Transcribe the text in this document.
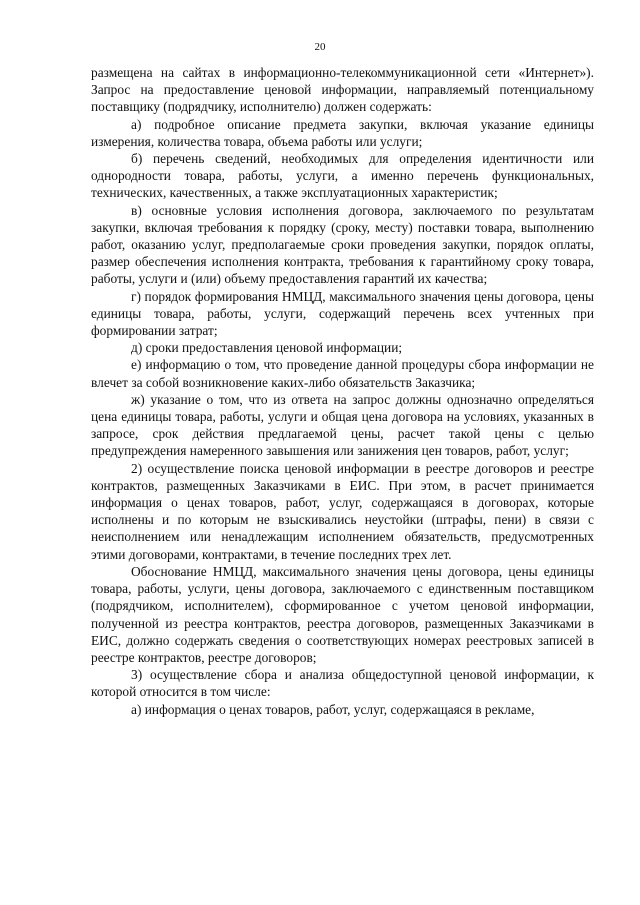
20

размещена на сайтах в информационно-телекоммуникационной сети «Интернет»). Запрос на предоставление ценовой информации, направляемый потенциальному поставщику (подрядчику, исполнителю) должен содержать:

а) подробное описание предмета закупки, включая указание единицы измерения, количества товара, объема работы или услуги;

б) перечень сведений, необходимых для определения идентичности или однородности товара, работы, услуги, а именно перечень функциональных, технических, качественных, а также эксплуатационных характеристик;

в) основные условия исполнения договора, заключаемого по результатам закупки, включая требования к порядку (сроку, месту) поставки товара, выполнению работ, оказанию услуг, предполагаемые сроки проведения закупки, порядок оплаты, размер обеспечения исполнения контракта, требования к гарантийному сроку товара, работы, услуги и (или) объему предоставления гарантий их качества;

г) порядок формирования НМЦД, максимального значения цены договора, цены единицы товара, работы, услуги, содержащий перечень всех учтенных при формировании затрат;

д) сроки предоставления ценовой информации;

е) информацию о том, что проведение данной процедуры сбора информации не влечет за собой возникновение каких-либо обязательств Заказчика;

ж) указание о том, что из ответа на запрос должны однозначно определяться цена единицы товара, работы, услуги и общая цена договора на условиях, указанных в запросе, срок действия предлагаемой цены, расчет такой цены с целью предупреждения намеренного завышения или занижения цен товаров, работ, услуг;

2) осуществление поиска ценовой информации в реестре договоров и реестре контрактов, размещенных Заказчиками в ЕИС. При этом, в расчет принимается информация о ценах товаров, работ, услуг, содержащаяся в договорах, которые исполнены и по которым не взыскивались неустойки (штрафы, пени) в связи с неисполнением или ненадлежащим исполнением обязательств, предусмотренных этими договорами, контрактами, в течение последних трех лет.

Обоснование НМЦД, максимального значения цены договора, цены единицы товара, работы, услуги, цены договора, заключаемого с единственным поставщиком (подрядчиком, исполнителем), сформированное с учетом ценовой информации, полученной из реестра контрактов, реестра договоров, размещенных Заказчиками в ЕИС, должно содержать сведения о соответствующих номерах реестровых записей в реестре контрактов, реестре договоров;

3) осуществление сбора и анализа общедоступной ценовой информации, к которой относится в том числе:

а) информация о ценах товаров, работ, услуг, содержащаяся в рекламе,
